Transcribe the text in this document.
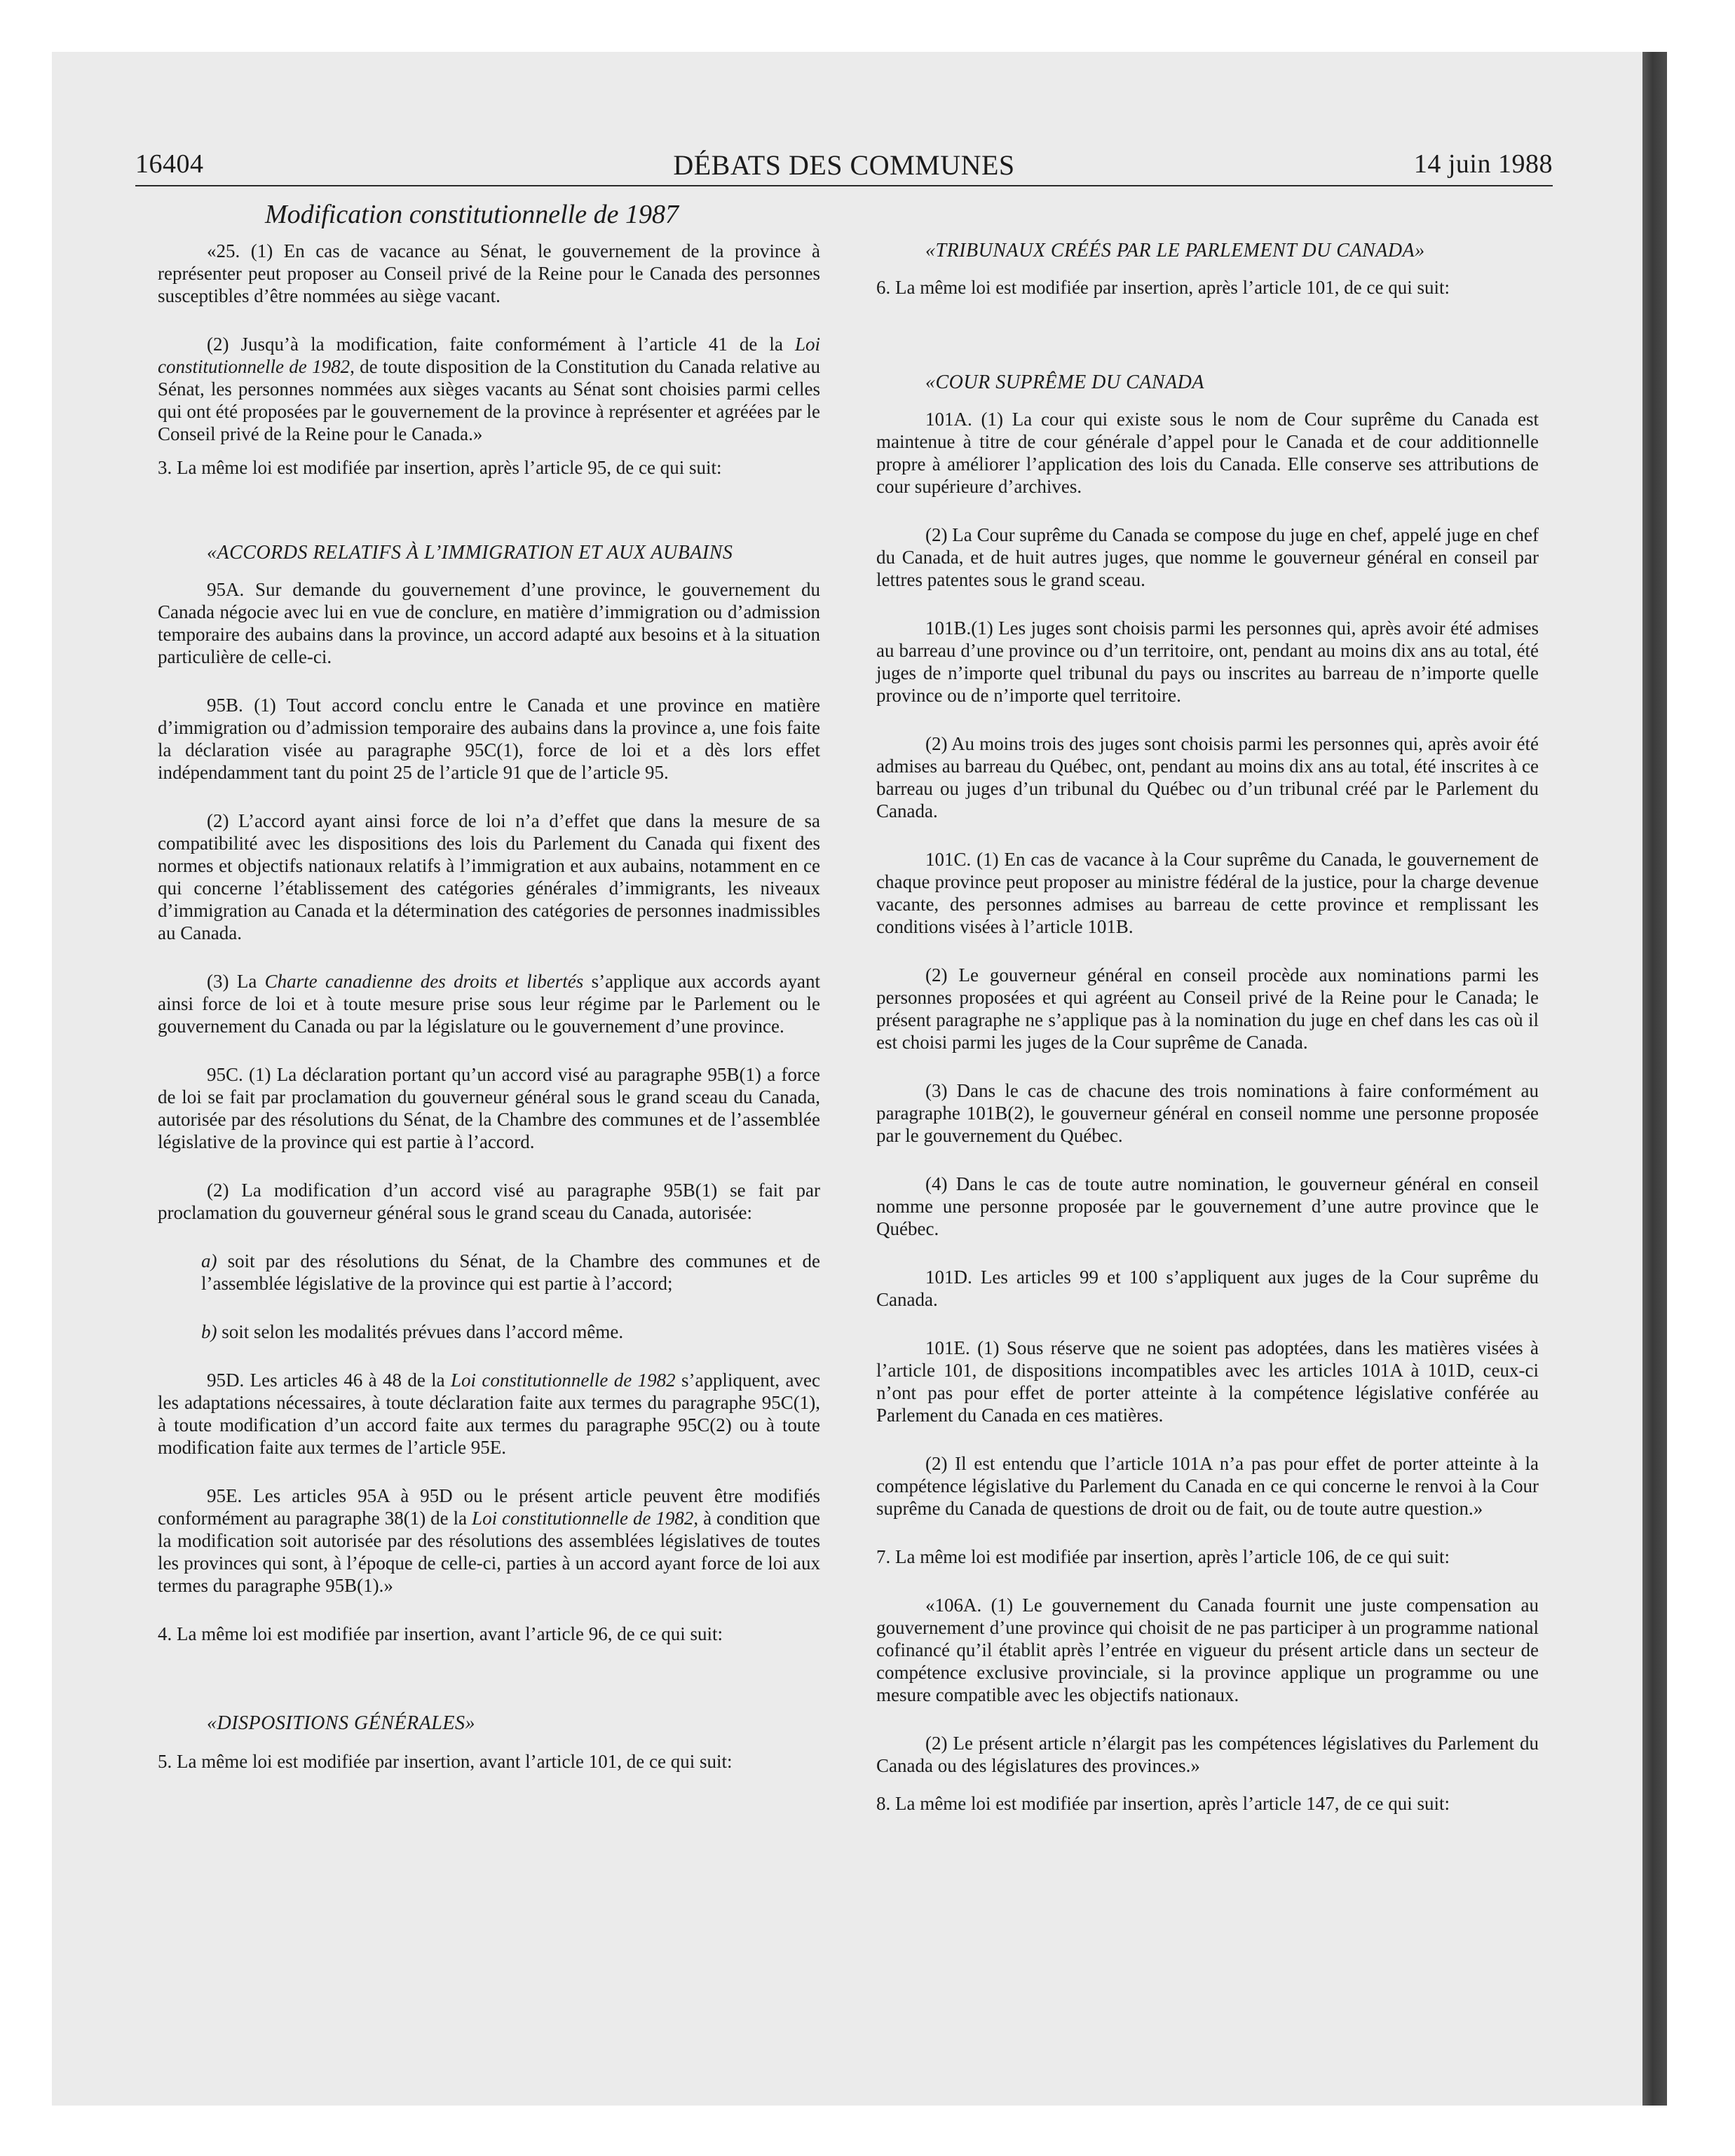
16404	DÉBATS DES COMMUNES	14 juin 1988
Modification constitutionnelle de 1987

«25. (1) En cas de vacance au Sénat, le gouvernement de la province à représenter peut proposer au Conseil privé de la Reine pour le Canada des personnes susceptibles d’être nommées au siège vacant.

(2) Jusqu’à la modification, faite conformément à l’article 41 de la Loi constitutionnelle de 1982, de toute disposition de la Constitution du Canada relative au Sénat, les personnes nommées aux sièges vacants au Sénat sont choisies parmi celles qui ont été proposées par le gouvernement de la province à représenter et agréées par le Conseil privé de la Reine pour le Canada.»

3. La même loi est modifiée par insertion, après l’article 95, de ce qui suit:

«ACCORDS RELATIFS À L’IMMIGRATION ET AUX AUBAINS

95A. Sur demande du gouvernement d’une province, le gouvernement du Canada négocie avec lui en vue de conclure, en matière d’immigration ou d’admission temporaire des aubains dans la province, un accord adapté aux besoins et à la situation particulière de celle-ci.

95B. (1) Tout accord conclu entre le Canada et une province en matière d’immigration ou d’admission temporaire des aubains dans la province a, une fois faite la déclaration visée au paragraphe 95C(1), force de loi et a dès lors effet indépendamment tant du point 25 de l’article 91 que de l’article 95.

(2) L’accord ayant ainsi force de loi n’a d’effet que dans la mesure de sa compatibilité avec les dispositions des lois du Parlement du Canada qui fixent des normes et objectifs nationaux relatifs à l’immigration et aux aubains, notamment en ce qui concerne l’établissement des catégories générales d’immigrants, les niveaux d’immigration au Canada et la détermination des catégories de personnes inadmissibles au Canada.

(3) La Charte canadienne des droits et libertés s’applique aux accords ayant ainsi force de loi et à toute mesure prise sous leur régime par le Parlement ou le gouvernement du Canada ou par la législature ou le gouvernement d’une province.

95C. (1) La déclaration portant qu’un accord visé au paragraphe 95B(1) a force de loi se fait par proclamation du gouverneur général sous le grand sceau du Canada, autorisée par des résolutions du Sénat, de la Chambre des communes et de l’assemblée législative de la province qui est partie à l’accord.

(2) La modification d’un accord visé au paragraphe 95B(1) se fait par proclamation du gouverneur général sous le grand sceau du Canada, autorisée:

a) soit par des résolutions du Sénat, de la Chambre des communes et de l’assemblée législative de la province qui est partie à l’accord;

b) soit selon les modalités prévues dans l’accord même.

95D. Les articles 46 à 48 de la Loi constitutionnelle de 1982 s’appliquent, avec les adaptations nécessaires, à toute déclaration faite aux termes du paragraphe 95C(1), à toute modification d’un accord faite aux termes du paragraphe 95C(2) ou à toute modification faite aux termes de l’article 95E.

95E. Les articles 95A à 95D ou le présent article peuvent être modifiés conformément au paragraphe 38(1) de la Loi constitutionnelle de 1982, à condition que la modification soit autorisée par des résolutions des assemblées législatives de toutes les provinces qui sont, à l’époque de celle-ci, parties à un accord ayant force de loi aux termes du paragraphe 95B(1).»

4. La même loi est modifiée par insertion, avant l’article 96, de ce qui suit:

«DISPOSITIONS GÉNÉRALES»

5. La même loi est modifiée par insertion, avant l’article 101, de ce qui suit:

«TRIBUNAUX CRÉÉS PAR LE PARLEMENT DU CANADA»

6. La même loi est modifiée par insertion, après l’article 101, de ce qui suit:

«COUR SUPRÊME DU CANADA

101A. (1) La cour qui existe sous le nom de Cour suprême du Canada est maintenue à titre de cour générale d’appel pour le Canada et de cour additionnelle propre à améliorer l’application des lois du Canada. Elle conserve ses attributions de cour supérieure d’archives.

(2) La Cour suprême du Canada se compose du juge en chef, appelé juge en chef du Canada, et de huit autres juges, que nomme le gouverneur général en conseil par lettres patentes sous le grand sceau.

101B.(1) Les juges sont choisis parmi les personnes qui, après avoir été admises au barreau d’une province ou d’un territoire, ont, pendant au moins dix ans au total, été juges de n’importe quel tribunal du pays ou inscrites au barreau de n’importe quelle province ou de n’importe quel territoire.

(2) Au moins trois des juges sont choisis parmi les personnes qui, après avoir été admises au barreau du Québec, ont, pendant au moins dix ans au total, été inscrites à ce barreau ou juges d’un tribunal du Québec ou d’un tribunal créé par le Parlement du Canada.

101C. (1) En cas de vacance à la Cour suprême du Canada, le gouvernement de chaque province peut proposer au ministre fédéral de la justice, pour la charge devenue vacante, des personnes admises au barreau de cette province et remplissant les conditions visées à l’article 101B.

(2) Le gouverneur général en conseil procède aux nominations parmi les personnes proposées et qui agréent au Conseil privé de la Reine pour le Canada; le présent paragraphe ne s’applique pas à la nomination du juge en chef dans les cas où il est choisi parmi les juges de la Cour suprême de Canada.

(3) Dans le cas de chacune des trois nominations à faire conformément au paragraphe 101B(2), le gouverneur général en conseil nomme une personne proposée par le gouvernement du Québec.

(4) Dans le cas de toute autre nomination, le gouverneur général en conseil nomme une personne proposée par le gouvernement d’une autre province que le Québec.

101D. Les articles 99 et 100 s’appliquent aux juges de la Cour suprême du Canada.

101E. (1) Sous réserve que ne soient pas adoptées, dans les matières visées à l’article 101, de dispositions incompatibles avec les articles 101A à 101D, ceux-ci n’ont pas pour effet de porter atteinte à la compétence législative conférée au Parlement du Canada en ces matières.

(2) Il est entendu que l’article 101A n’a pas pour effet de porter atteinte à la compétence législative du Parlement du Canada en ce qui concerne le renvoi à la Cour suprême du Canada de questions de droit ou de fait, ou de toute autre question.»

7. La même loi est modifiée par insertion, après l’article 106, de ce qui suit:

«106A. (1) Le gouvernement du Canada fournit une juste compensation au gouvernement d’une province qui choisit de ne pas participer à un programme national cofinancé qu’il établit après l’entrée en vigueur du présent article dans un secteur de compétence exclusive provinciale, si la province applique un programme ou une mesure compatible avec les objectifs nationaux.

(2) Le présent article n’élargit pas les compétences législatives du Parlement du Canada ou des législatures des provinces.»

8. La même loi est modifiée par insertion, après l’article 147, de ce qui suit:
